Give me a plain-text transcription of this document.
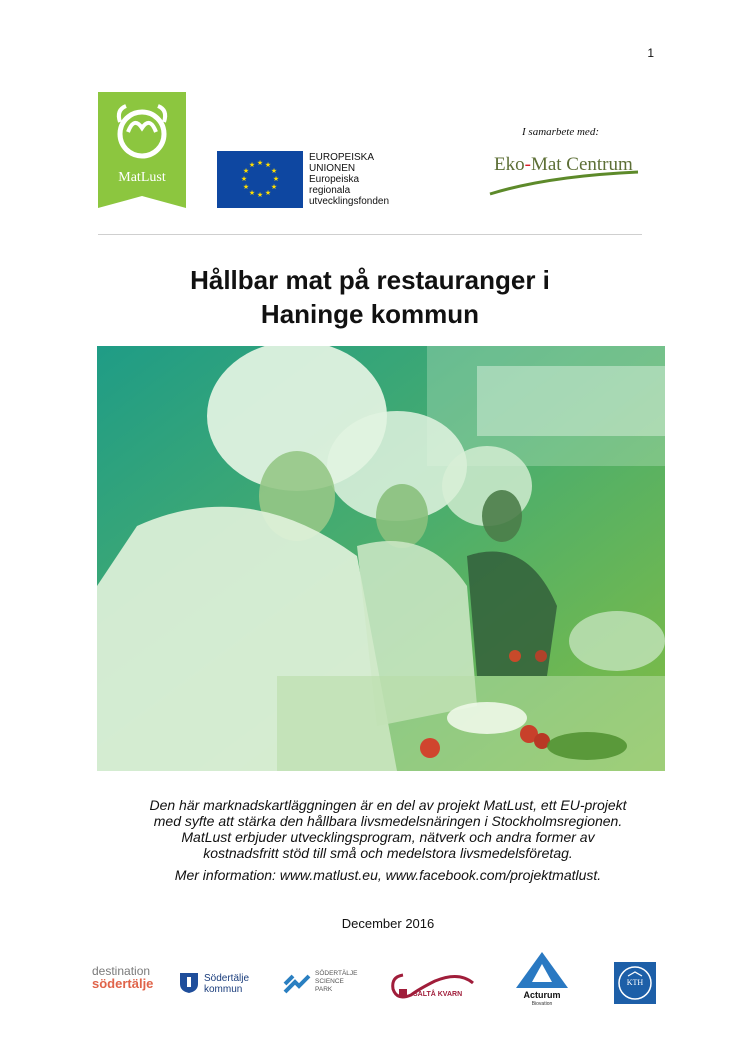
1
MatLust
★ ★
★
★
★
★
★
★
★
★
★
★
EUROPEISKA
UNIONEN
Europeiska
regionala
utvecklingsfonden
I samarbete med:
Eko-Mat Centrum
Hållbar mat på restauranger i
Haninge kommun

Den här marknadskartläggningen är en del av projekt MatLust, ett EU-projekt

med syfte att stärka den hållbara livsmedelsnäringen i Stockholmsregionen.

MatLust erbjuder utvecklingsprogram, nätverk och andra former av

kostnadsfritt stöd till små och medelstora livsmedelsföretag.

Mer information: www.matlust.eu, www.facebook.com/projektmatlust.

December 2016
destination
södertälje	Södertälje
kommun
SÖDERTÄLJE
SCIENCE
PARK
SALTÅ KVARN	Acturum
Biovation
KTH
